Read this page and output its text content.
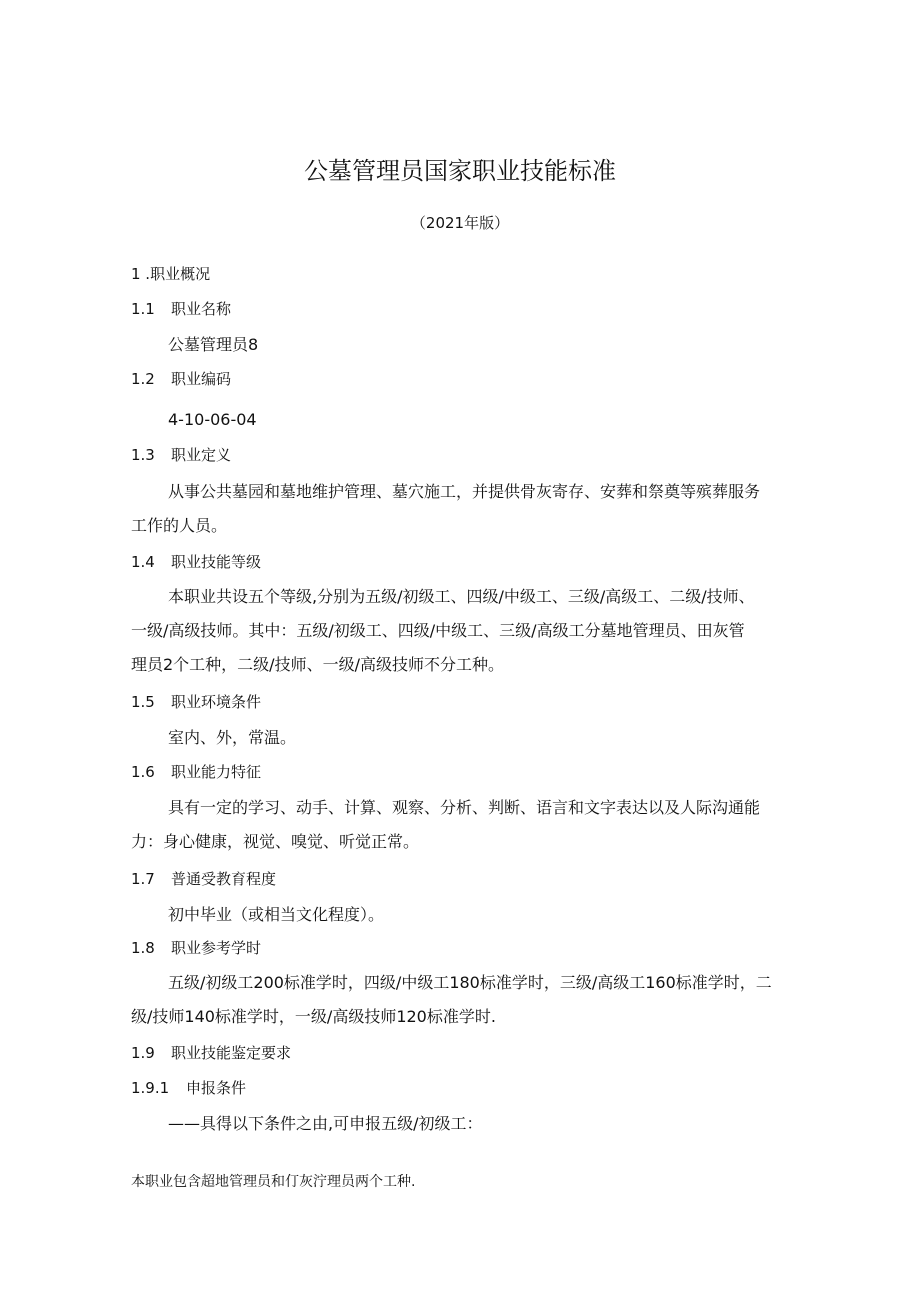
公墓管理员国家职业技能标准
（2021年版）
1 .职业概况
1.1 职业名称
公墓管理员8
1.2 职业编码
4-10-06-04
1.3 职业定义
从事公共墓园和墓地维护管理、墓穴施工，并提供骨灰寄存、安葬和祭奠等殡葬服务
工作的人员。
1.4 职业技能等级
本职业共设五个等级,分别为五级/初级工、四级/中级工、三级/高级工、二级/技师、
一级/高级技师。其中：五级/初级工、四级/中级工、三级/高级工分墓地管理员、田灰管
理员2个工种，二级/技师、一级/高级技师不分工种。
1.5 职业环境条件
室内、外，常温。
1.6 职业能力特征
具有一定的学习、动手、计算、观察、分析、判断、语言和文字表达以及人际沟通能
力：身心健康，视觉、嗅觉、听觉正常。
1.7 普通受教育程度
初中毕业（或相当文化程度）。
1.8 职业参考学时
五级/初级工200标准学时，四级/中级工180标准学时，三级/高级工160标准学时，二
级/技师140标准学时，一级/高级技师120标准学时.
1.9 职业技能鉴定要求
1.9.1 申报条件
——具得以下条件之由,可申报五级/初级工：
本职业包含超地管理员和仃灰泞理员两个工种.
